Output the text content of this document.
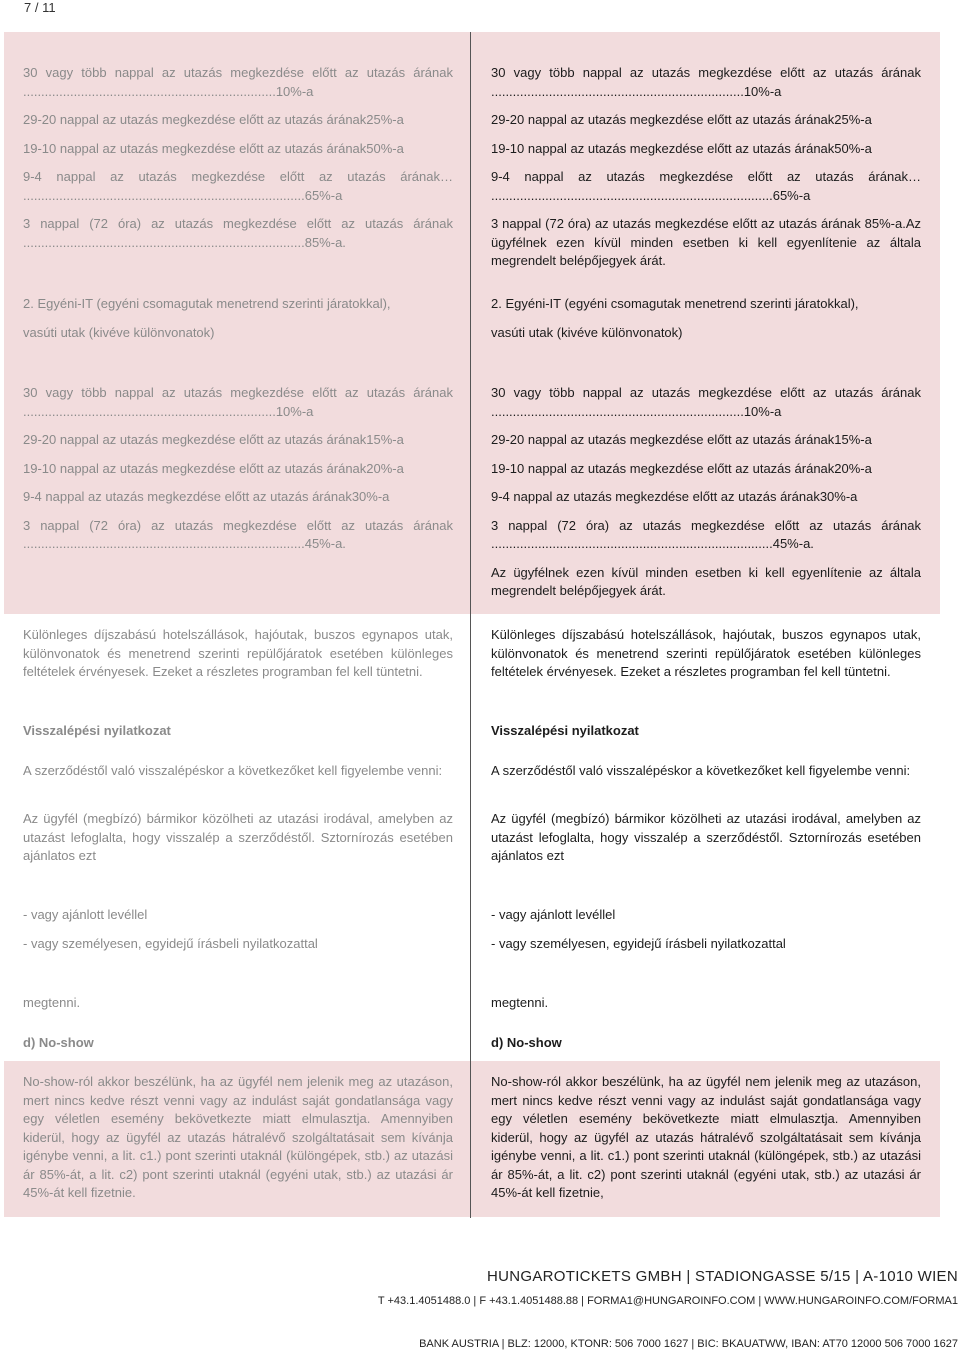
7 / 11

30 vagy több nappal az utazás megkezdése előtt az utazás árának ......................................................................10%-a

29-20 nappal az utazás megkezdése előtt az utazás árának25%-a

19-10 nappal az utazás megkezdése előtt az utazás árának50%-a

9-4 nappal az utazás megkezdése előtt az utazás árának… ..............................................................................65%-a

3 nappal (72 óra) az utazás megkezdése előtt az utazás árának ..............................................................................85%-a.

2. Egyéni-IT (egyéni csomagutak menetrend szerinti járatokkal),

vasúti utak (kivéve különvonatok)

30 vagy több nappal az utazás megkezdése előtt az utazás árának ......................................................................10%-a

29-20 nappal az utazás megkezdése előtt az utazás árának15%-a

19-10 nappal az utazás megkezdése előtt az utazás árának20%-a

9-4 nappal az utazás megkezdése előtt az utazás árának30%-a

3 nappal (72 óra) az utazás megkezdése előtt az utazás árának ..............................................................................45%-a.

Különleges díjszabású hotelszállások, hajóutak, buszos egynapos utak, különvonatok és menetrend szerinti repülőjáratok esetében különleges feltételek érvényesek. Ezeket a részletes programban fel kell tüntetni.

Visszalépési nyilatkozat

A szerződéstől való visszalépéskor a következőket kell figyelembe venni:

Az ügyfél (megbízó) bármikor közölheti az utazási irodával, amelyben az utazást lefoglalta, hogy visszalép a szerződéstől. Sztornírozás esetében ajánlatos ezt

- vagy ajánlott levéllel

- vagy személyesen, egyidejű írásbeli nyilatkozattal

megtenni.

d) No-show

No-show-ról akkor beszélünk, ha az ügyfél nem jelenik meg az utazáson, mert nincs kedve részt venni vagy az indulást saját gondatlansága vagy egy véletlen esemény bekövetkezte miatt elmulasztja. Amennyiben kiderül, hogy az ügyfél az utazás hátralévő szolgáltatásait sem kívánja igénybe venni, a lit. c1.) pont szerinti utaknál (különgépek, stb.) az utazási ár 85%-át, a lit. c2) pont szerinti utaknál (egyéni utak, stb.) az utazási ár 45%-át kell fizetnie.

30 vagy több nappal az utazás megkezdése előtt az utazás árának ......................................................................10%-a

29-20 nappal az utazás megkezdése előtt az utazás árának25%-a

19-10 nappal az utazás megkezdése előtt az utazás árának50%-a

9-4 nappal az utazás megkezdése előtt az utazás árának… ..............................................................................65%-a

3 nappal (72 óra) az utazás megkezdése előtt az utazás árának 85%-a.Az ügyfélnek ezen kívül minden esetben ki kell egyenlítenie az általa megrendelt belépőjegyek árát.

2. Egyéni-IT (egyéni csomagutak menetrend szerinti járatokkal),

vasúti utak (kivéve különvonatok)

30 vagy több nappal az utazás megkezdése előtt az utazás árának ......................................................................10%-a

29-20 nappal az utazás megkezdése előtt az utazás árának15%-a

19-10 nappal az utazás megkezdése előtt az utazás árának20%-a

9-4 nappal az utazás megkezdése előtt az utazás árának30%-a

3 nappal (72 óra) az utazás megkezdése előtt az utazás árának ..............................................................................45%-a.

Az ügyfélnek ezen kívül minden esetben ki kell egyenlítenie az általa megrendelt belépőjegyek árát.

Különleges díjszabású hotelszállások, hajóutak, buszos egynapos utak, különvonatok és menetrend szerinti repülőjáratok esetében különleges feltételek érvényesek. Ezeket a részletes programban fel kell tüntetni.

Visszalépési nyilatkozat

A szerződéstől való visszalépéskor a következőket kell figyelembe venni:

Az ügyfél (megbízó) bármikor közölheti az utazási irodával, amelyben az utazást lefoglalta, hogy visszalép a szerződéstől. Sztornírozás esetében ajánlatos ezt

- vagy ajánlott levéllel

- vagy személyesen, egyidejű írásbeli nyilatkozattal

megtenni.

d) No-show

No-show-ról akkor beszélünk, ha az ügyfél nem jelenik meg az utazáson, mert nincs kedve részt venni vagy az indulást saját gondatlansága vagy egy véletlen esemény bekövetkezte miatt elmulasztja. Amennyiben kiderül, hogy az ügyfél az utazás hátralévő szolgáltatásait sem kívánja igénybe venni, a lit. c1.) pont szerinti utaknál (különgépek, stb.) az utazási ár 85%-át, a lit. c2) pont szerinti utaknál (egyéni utak, stb.) az utazási ár 45%-át kell fizetnie,

HUNGAROTICKETS GMBH | STADIONGASSE 5/15 | A-1010 WIEN
T +43.1.4051488.0 | F +43.1.4051488.88 | FORMA1@HUNGAROINFO.COM | WWW.HUNGAROINFO.COM/FORMA1
BANK AUSTRIA | BLZ: 12000, KTONR: 506 7000 1627 | BIC: BKAUATWW, IBAN: AT70 12000 506 7000 1627
